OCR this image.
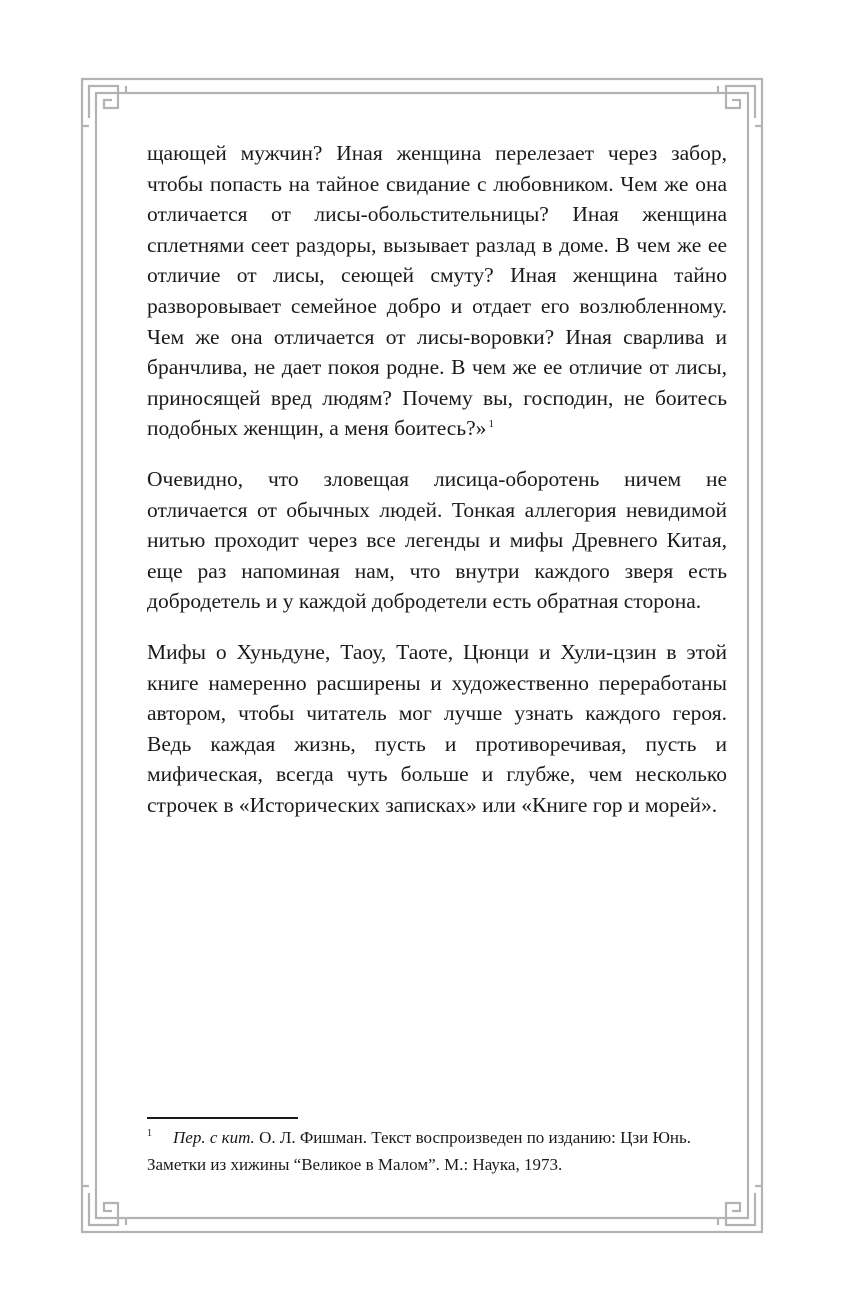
щающей мужчин? Иная женщина перелезает через забор, чтобы попасть на тайное свидание с любовником. Чем же она отличается от лисы-обольстительницы? Иная женщина сплетнями сеет раздоры, вызывает разлад в доме. В чем же ее отличие от лисы, сеющей смуту? Иная женщина тайно разворовывает семейное добро и отдает его возлюбленному. Чем же она отличается от лисы-воровки? Иная сварлива и бранчлива, не дает покоя родне. В чем же ее отличие от лисы, приносящей вред людям? Почему вы, господин, не боитесь подобных женщин, а меня боитесь?» $^1$

Очевидно, что зловещая лисица-оборотень ничем не отличается от обычных людей. Тонкая аллегория невидимой нитью проходит через все легенды и мифы Древнего Китая, еще раз напоминая нам, что внутри каждого зверя есть добродетель и у каждой добродетели есть обратная сторона.

Мифы о Хуньдуне, Таоу, Таоте, Цюнци и Хули-цзин в этой книге намеренно расширены и художественно переработаны автором, чтобы читатель мог лучше узнать каждого героя. Ведь каждая жизнь, пусть и противоречивая, пусть и мифическая, всегда чуть больше и глубже, чем несколько строчек в «Исторических записках» или «Книге гор и морей».

1 Пер. с кит. О. Л. Фишман. Текст воспроизведен по изданию: Цзи Юнь. Заметки из хижины “Великое в Малом”. М.: Наука, 1973.
